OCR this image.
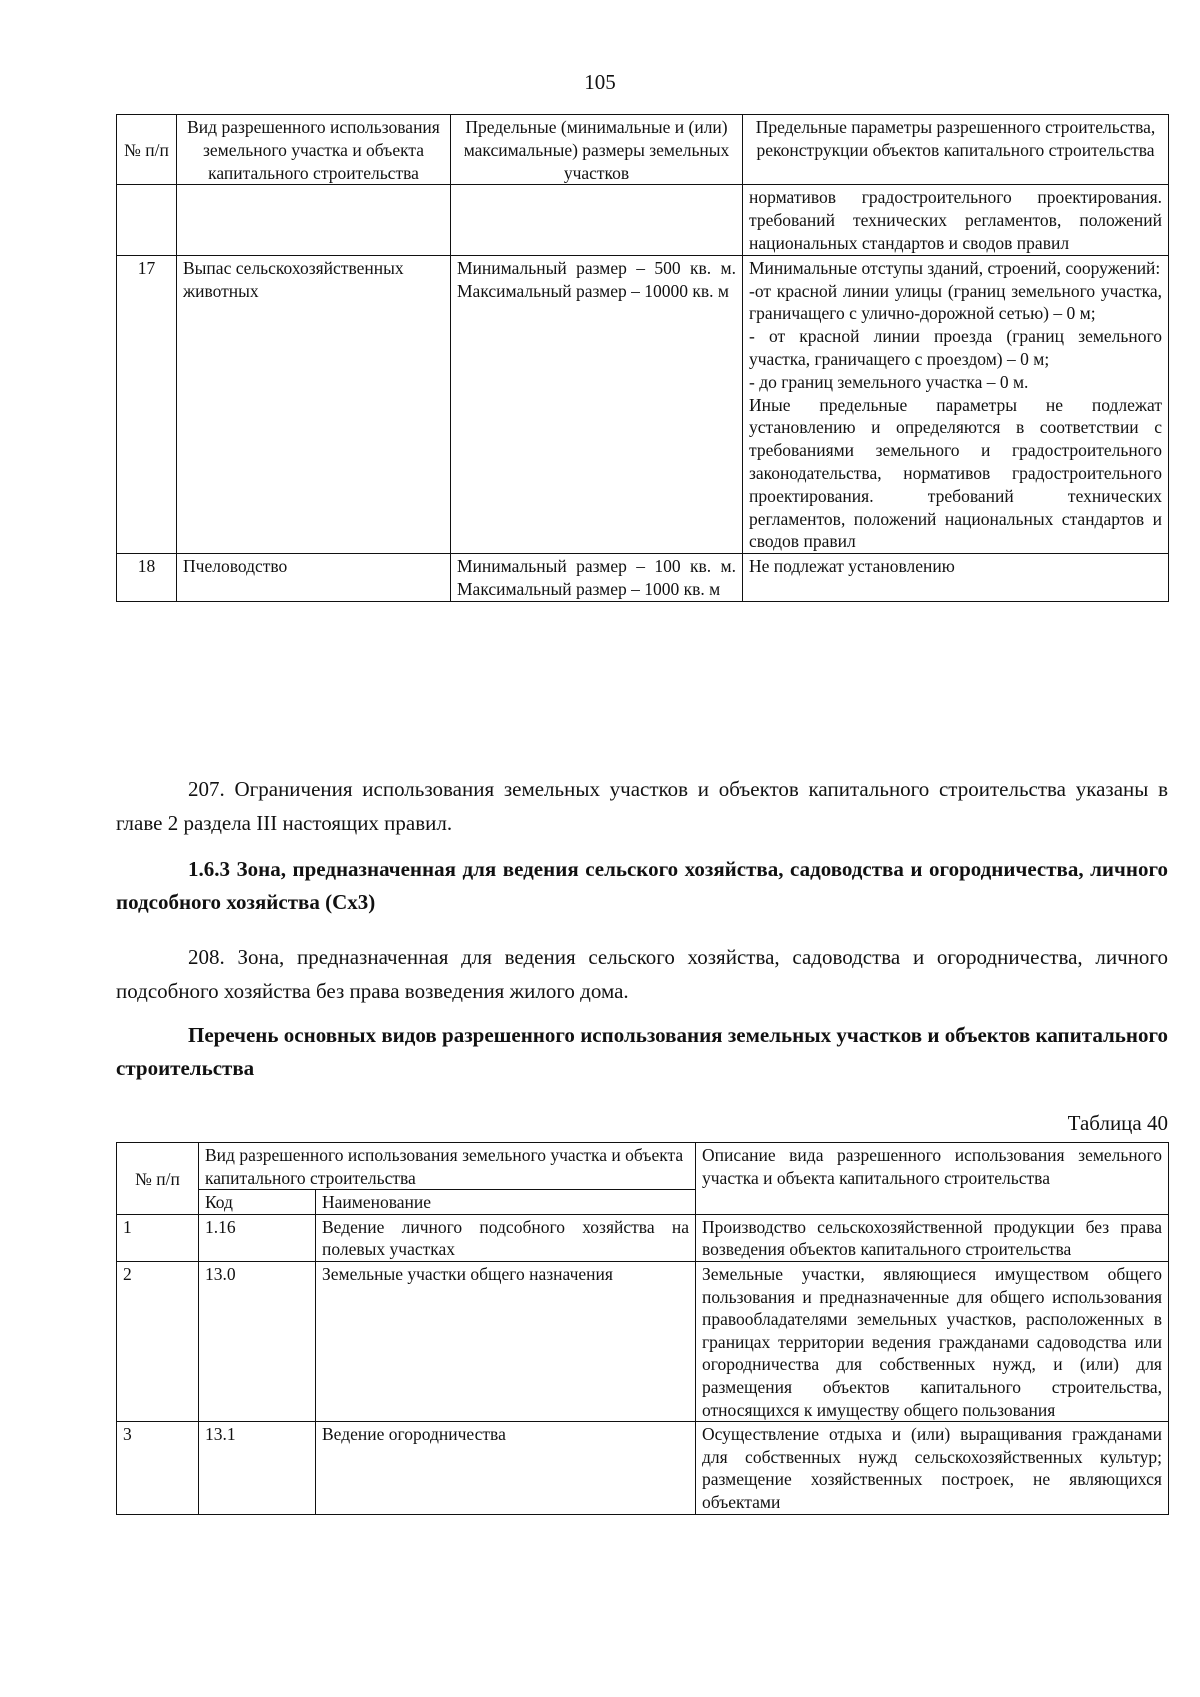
105
№ п/п	Вид разрешенного использования земельного участка и объекта капитального строительства	Предельные (минимальные и (или) максимальные) размеры земельных участков	Предельные параметры разрешенного строительства, реконструкции объектов капитального строительства
			нормативов градостроительного проектирования. требований технических регламентов, положений национальных стандартов и сводов правил
17	Выпас сельскохозяйственных животных	Минимальный размер – 500 кв. м. Максимальный размер – 10000 кв. м	Минимальные отступы зданий, строений, сооружений:
-от красной линии улицы (границ земельного участка, граничащего с улично-дорожной сетью) – 0 м;
- от красной линии проезда (границ земельного участка, граничащего с проездом) – 0 м;
- до границ земельного участка – 0 м.
Иные предельные параметры не подлежат установлению и определяются в соответствии с требованиями земельного и градостроительного законодательства, нормативов градостроительного проектирования. требований технических регламентов, положений национальных стандартов и сводов правил

18	Пчеловодство	Минимальный размер – 100 кв. м. Максимальный размер – 1000 кв. м	Не подлежат установлению

207. Ограничения использования земельных участков и объектов капитального строительства указаны в главе 2 раздела III настоящих правил.

1.6.3 Зона, предназначенная для ведения сельского хозяйства, садоводства и огородничества, личного подсобного хозяйства (Сх3)

208. Зона, предназначенная для ведения сельского хозяйства, садоводства и огородничества, личного подсобного хозяйства без права возведения жилого дома.

Перечень основных видов разрешенного использования земельных участков и объектов капитального строительства

Таблица 40

№ п/п	Вид разрешенного использования земельного участка и объекта капитального строительства		Описание вида разрешенного использования земельного участка и объекта капитального строительства
	Код	Наименование	
1	1.16	Ведение личного подсобного хозяйства на полевых участках	Производство сельскохозяйственной продукции без права возведения объектов капитального строительства
2	13.0	Земельные участки общего назначения	Земельные участки, являющиеся имуществом общего пользования и предназначенные для общего использования правообладателями земельных участков, расположенных в границах территории ведения гражданами садоводства или огородничества для собственных нужд, и (или) для размещения объектов капитального строительства, относящихся к имуществу общего пользования
3	13.1	Ведение огородничества	Осуществление отдыха и (или) выращивания гражданами для собственных нужд сельскохозяйственных культур; размещение хозяйственных построек, не являющихся объектами
